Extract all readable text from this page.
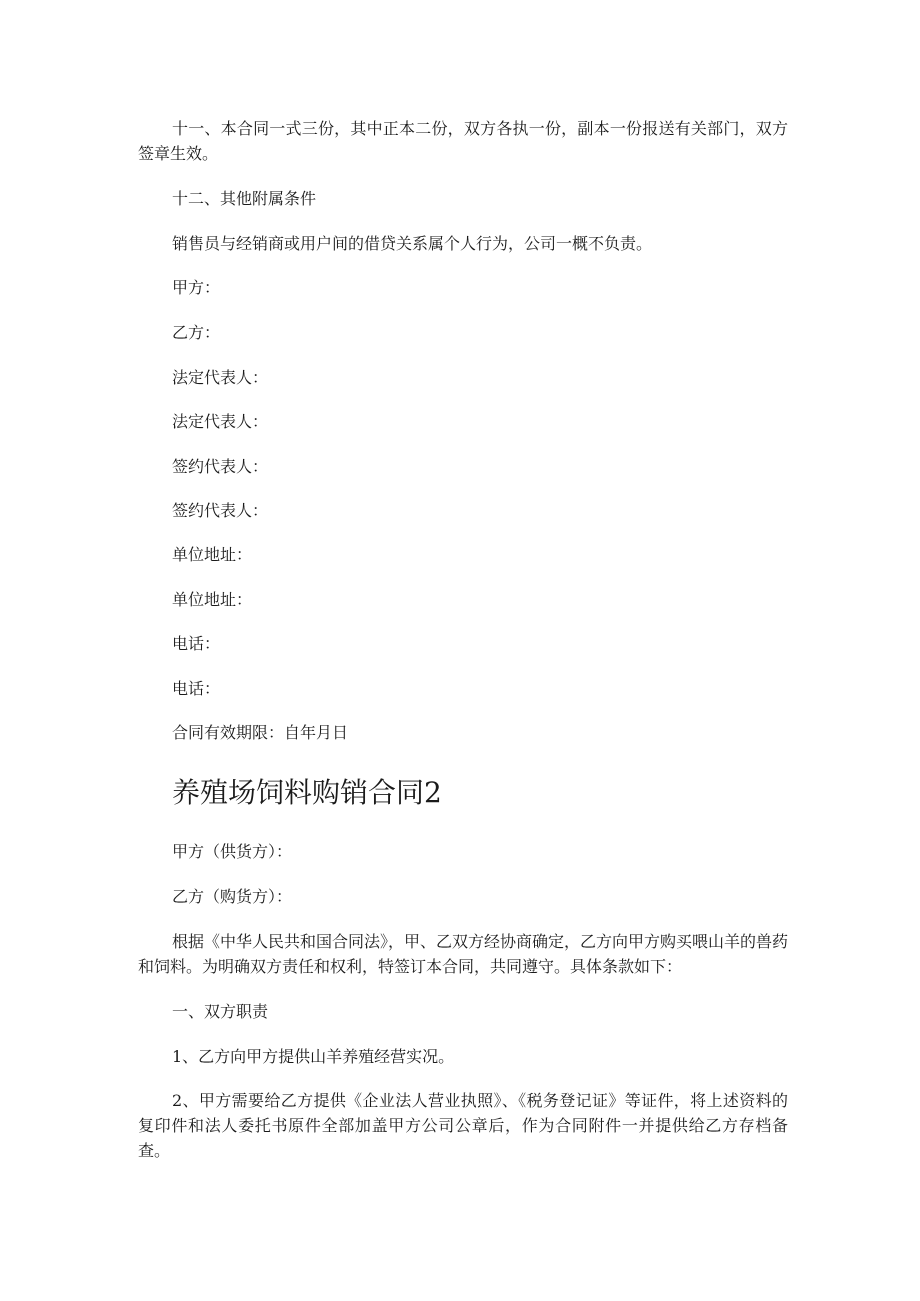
十一、本合同一式三份，其中正本二份，双方各执一份，副本一份报送有关部门，双方签章生效。

十二、其他附属条件

销售员与经销商或用户间的借贷关系属个人行为，公司一概不负责。

甲方：

乙方：

法定代表人：

法定代表人：

签约代表人：

签约代表人：

单位地址：

单位地址：

电话：

电话：

合同有效期限：自年月日

养殖场饲料购销合同2

甲方（供货方）：

乙方（购货方）：

根据《中华人民共和国合同法》，甲、乙双方经协商确定，乙方向甲方购买喂山羊的兽药和饲料。为明确双方责任和权利，特签订本合同，共同遵守。具体条款如下：

一、双方职责

1、乙方向甲方提供山羊养殖经营实况。

2、甲方需要给乙方提供《企业法人营业执照》、《税务登记证》等证件，将上述资料的复印件和法人委托书原件全部加盖甲方公司公章后，作为合同附件一并提供给乙方存档备查。
